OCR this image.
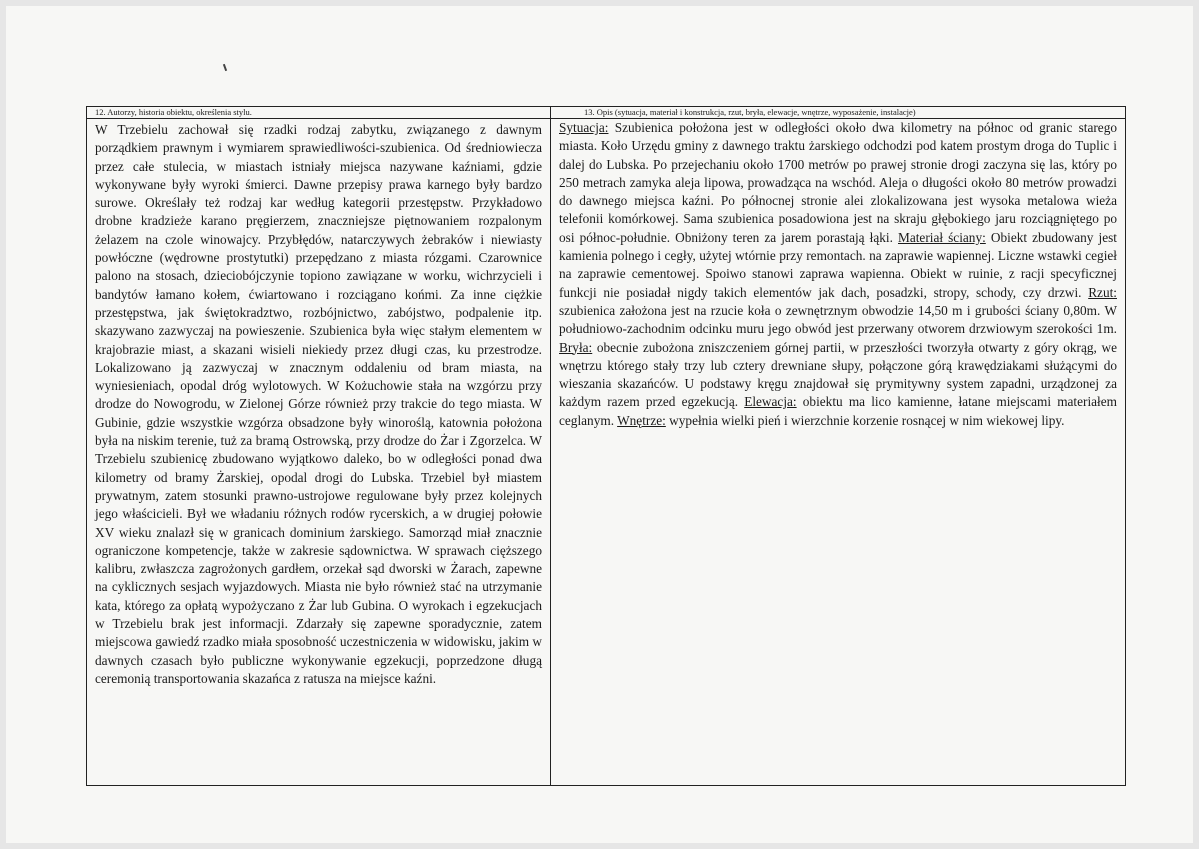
12. Autorzy, historia obiektu, określenia stylu.
W Trzebielu zachował się rzadki rodzaj zabytku, związanego z dawnym porządkiem prawnym i wymiarem sprawiedliwości-szubienica. Od średniowiecza przez całe stulecia, w miastach istniały miejsca nazywane kaźniami, gdzie wykonywane były wyroki śmierci. Dawne przepisy prawa karnego były bardzo surowe. Określały też rodzaj kar według kategorii przestępstw. Przykładowo drobne kradzieże karano pręgierzem, znaczniejsze piętnowaniem rozpalonym żelazem na czole winowajcy. Przybłędów, natarczywych żebraków i niewiasty powłóczne (wędrowne prostytutki) przepędzano z miasta rózgami. Czarownice palono na stosach, dzieciobójczynie topiono zawiązane w worku, wichrzycieli i bandytów łamano kołem, ćwiartowano i rozciągano końmi. Za inne ciężkie przestępstwa, jak świętokradztwo, rozbójnictwo, zabójstwo, podpalenie itp. skazywano zazwyczaj na powieszenie. Szubienica była więc stałym elementem w krajobrazie miast, a skazani wisieli niekiedy przez długi czas, ku przestrodze. Lokalizowano ją zazwyczaj w znacznym oddaleniu od bram miasta, na wyniesieniach, opodal dróg wylotowych. W Kożuchowie stała na wzgórzu przy drodze do Nowogrodu, w Zielonej Górze również przy trakcie do tego miasta. W Gubinie, gdzie wszystkie wzgórza obsadzone były winoroślą, katownia położona była na niskim terenie, tuż za bramą Ostrowską, przy drodze do Żar i Zgorzelca. W Trzebielu szubienicę zbudowano wyjątkowo daleko, bo w odległości ponad dwa kilometry od bramy Żarskiej, opodal drogi do Lubska. Trzebiel był miastem prywatnym, zatem stosunki prawno-ustrojowe regulowane były przez kolejnych jego właścicieli. Był we władaniu różnych rodów rycerskich, a w drugiej połowie XV wieku znalazł się w granicach dominium żarskiego. Samorząd miał znacznie ograniczone kompetencje, także w zakresie sądownictwa. W sprawach cięższego kalibru, zwłaszcza zagrożonych gardłem, orzekał sąd dworski w Żarach, zapewne na cyklicznych sesjach wyjazdowych. Miasta nie było również stać na utrzymanie kata, którego za opłatą wypożyczano z Żar lub Gubina. O wyrokach i egzekucjach w Trzebielu brak jest informacji. Zdarzały się zapewne sporadycznie, zatem miejscowa gawiedź rzadko miała sposobność uczestniczenia w widowisku, jakim w dawnych czasach było publiczne wykonywanie egzekucji, poprzedzone długą ceremonią transportowania skazańca z ratusza na miejsce kaźni.
13. Opis (sytuacja, materiał i konstrukcja, rzut, bryła, elewacje, wnętrze, wyposażenie, instalacje)
Sytuacja: Szubienica położona jest w odległości około dwa kilometry na północ od granic starego miasta. Koło Urzędu gminy z dawnego traktu żarskiego odchodzi pod katem prostym droga do Tuplic i dalej do Lubska. Po przejechaniu około 1700 metrów po prawej stronie drogi zaczyna się las, który po 250 metrach zamyka aleja lipowa, prowadząca na wschód. Aleja o długości około 80 metrów prowadzi do dawnego miejsca kaźni. Po północnej stronie alei zlokalizowana jest wysoka metalowa wieża telefonii komórkowej. Sama szubienica posadowiona jest na skraju głębokiego jaru rozciągniętego po osi północ-południe. Obniżony teren za jarem porastają łąki. Materiał ściany: Obiekt zbudowany jest kamienia polnego i cegły, użytej wtórnie przy remontach. na zaprawie wapiennej. Liczne wstawki cegieł na zaprawie cementowej. Spoiwo stanowi zaprawa wapienna. Obiekt w ruinie, z racji specyficznej funkcji nie posiadał nigdy takich elementów jak dach, posadzki, stropy, schody, czy drzwi. Rzut: szubienica założona jest na rzucie koła o zewnętrznym obwodzie 14,50 m i grubości ściany 0,80m. W południowo-zachodnim odcinku muru jego obwód jest przerwany otworem drzwiowym szerokości 1m. Bryła: obecnie zubożona zniszczeniem górnej partii, w przeszłości tworzyła otwarty z góry okrąg, we wnętrzu którego stały trzy lub cztery drewniane słupy, połączone górą krawędziakami służącymi do wieszania skazańców. U podstawy kręgu znajdował się prymitywny system zapadni, urządzonej za każdym razem przed egzekucją. Elewacja: obiektu ma lico kamienne, łatane miejscami materiałem ceglanym. Wnętrze: wypełnia wielki pień i wierzchnie korzenie rosnącej w nim wiekowej lipy.
